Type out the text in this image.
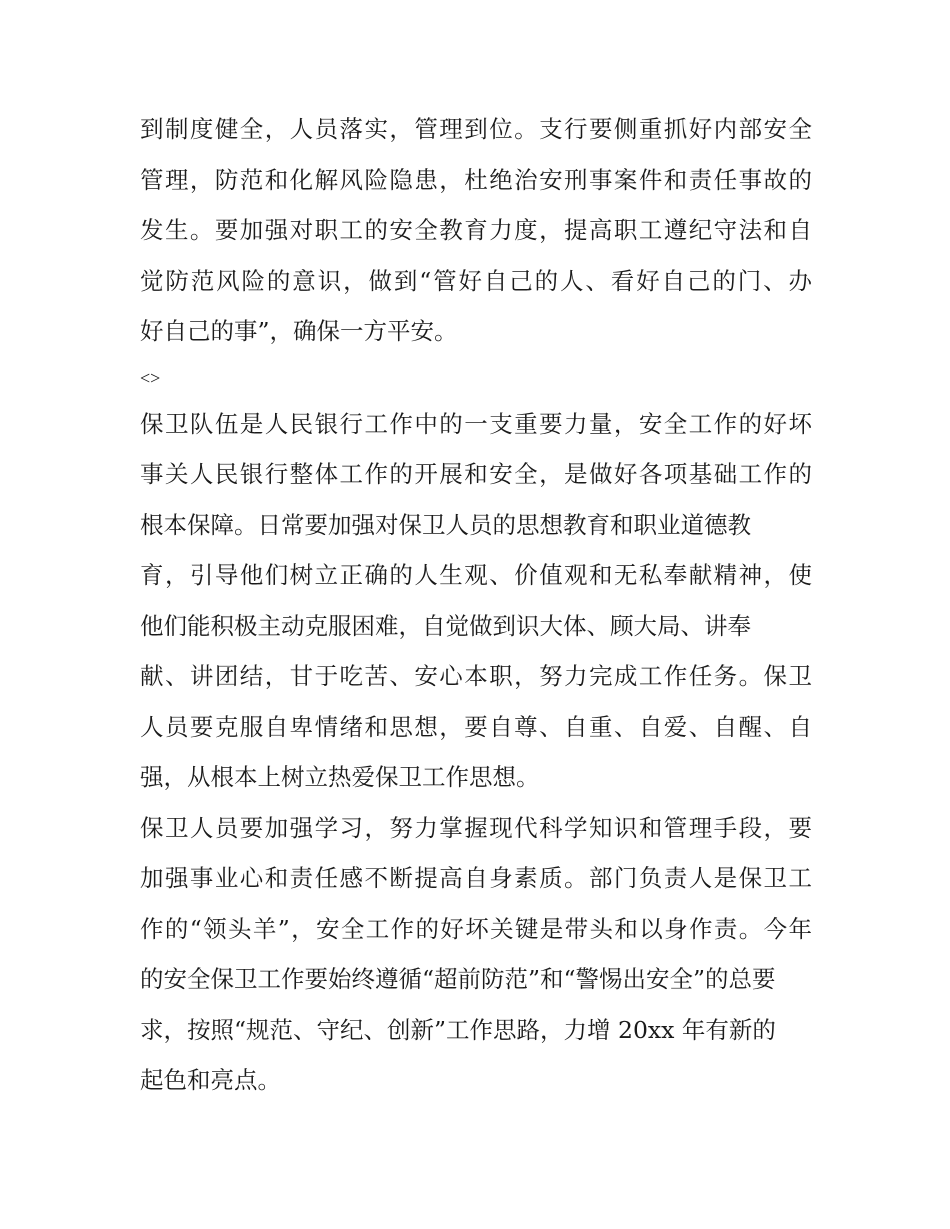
到制度健全，人员落实，管理到位。支行要侧重抓好内部安全
管理，防范和化解风险隐患，杜绝治安刑事案件和责任事故的
发生。要加强对职工的安全教育力度，提高职工遵纪守法和自
觉防范风险的意识，做到“管好自己的人、看好自己的门、办
好自己的事”，确保一方平安。
<>
保卫队伍是人民银行工作中的一支重要力量，安全工作的好坏
事关人民银行整体工作的开展和安全，是做好各项基础工作的
根本保障。日常要加强对保卫人员的思想教育和职业道德教
育，引导他们树立正确的人生观、价值观和无私奉献精神，使
他们能积极主动克服困难，自觉做到识大体、顾大局、讲奉
献、讲团结，甘于吃苦、安心本职，努力完成工作任务。保卫
人员要克服自卑情绪和思想，要自尊、自重、自爱、自醒、自
强，从根本上树立热爱保卫工作思想。
保卫人员要加强学习，努力掌握现代科学知识和管理手段，要
加强事业心和责任感不断提高自身素质。部门负责人是保卫工
作的“领头羊”，安全工作的好坏关键是带头和以身作责。今年
的安全保卫工作要始终遵循“超前防范”和“警惕出安全”的总要
求，按照“规范、守纪、创新”工作思路，力增 20xx 年有新的
起色和亮点。
